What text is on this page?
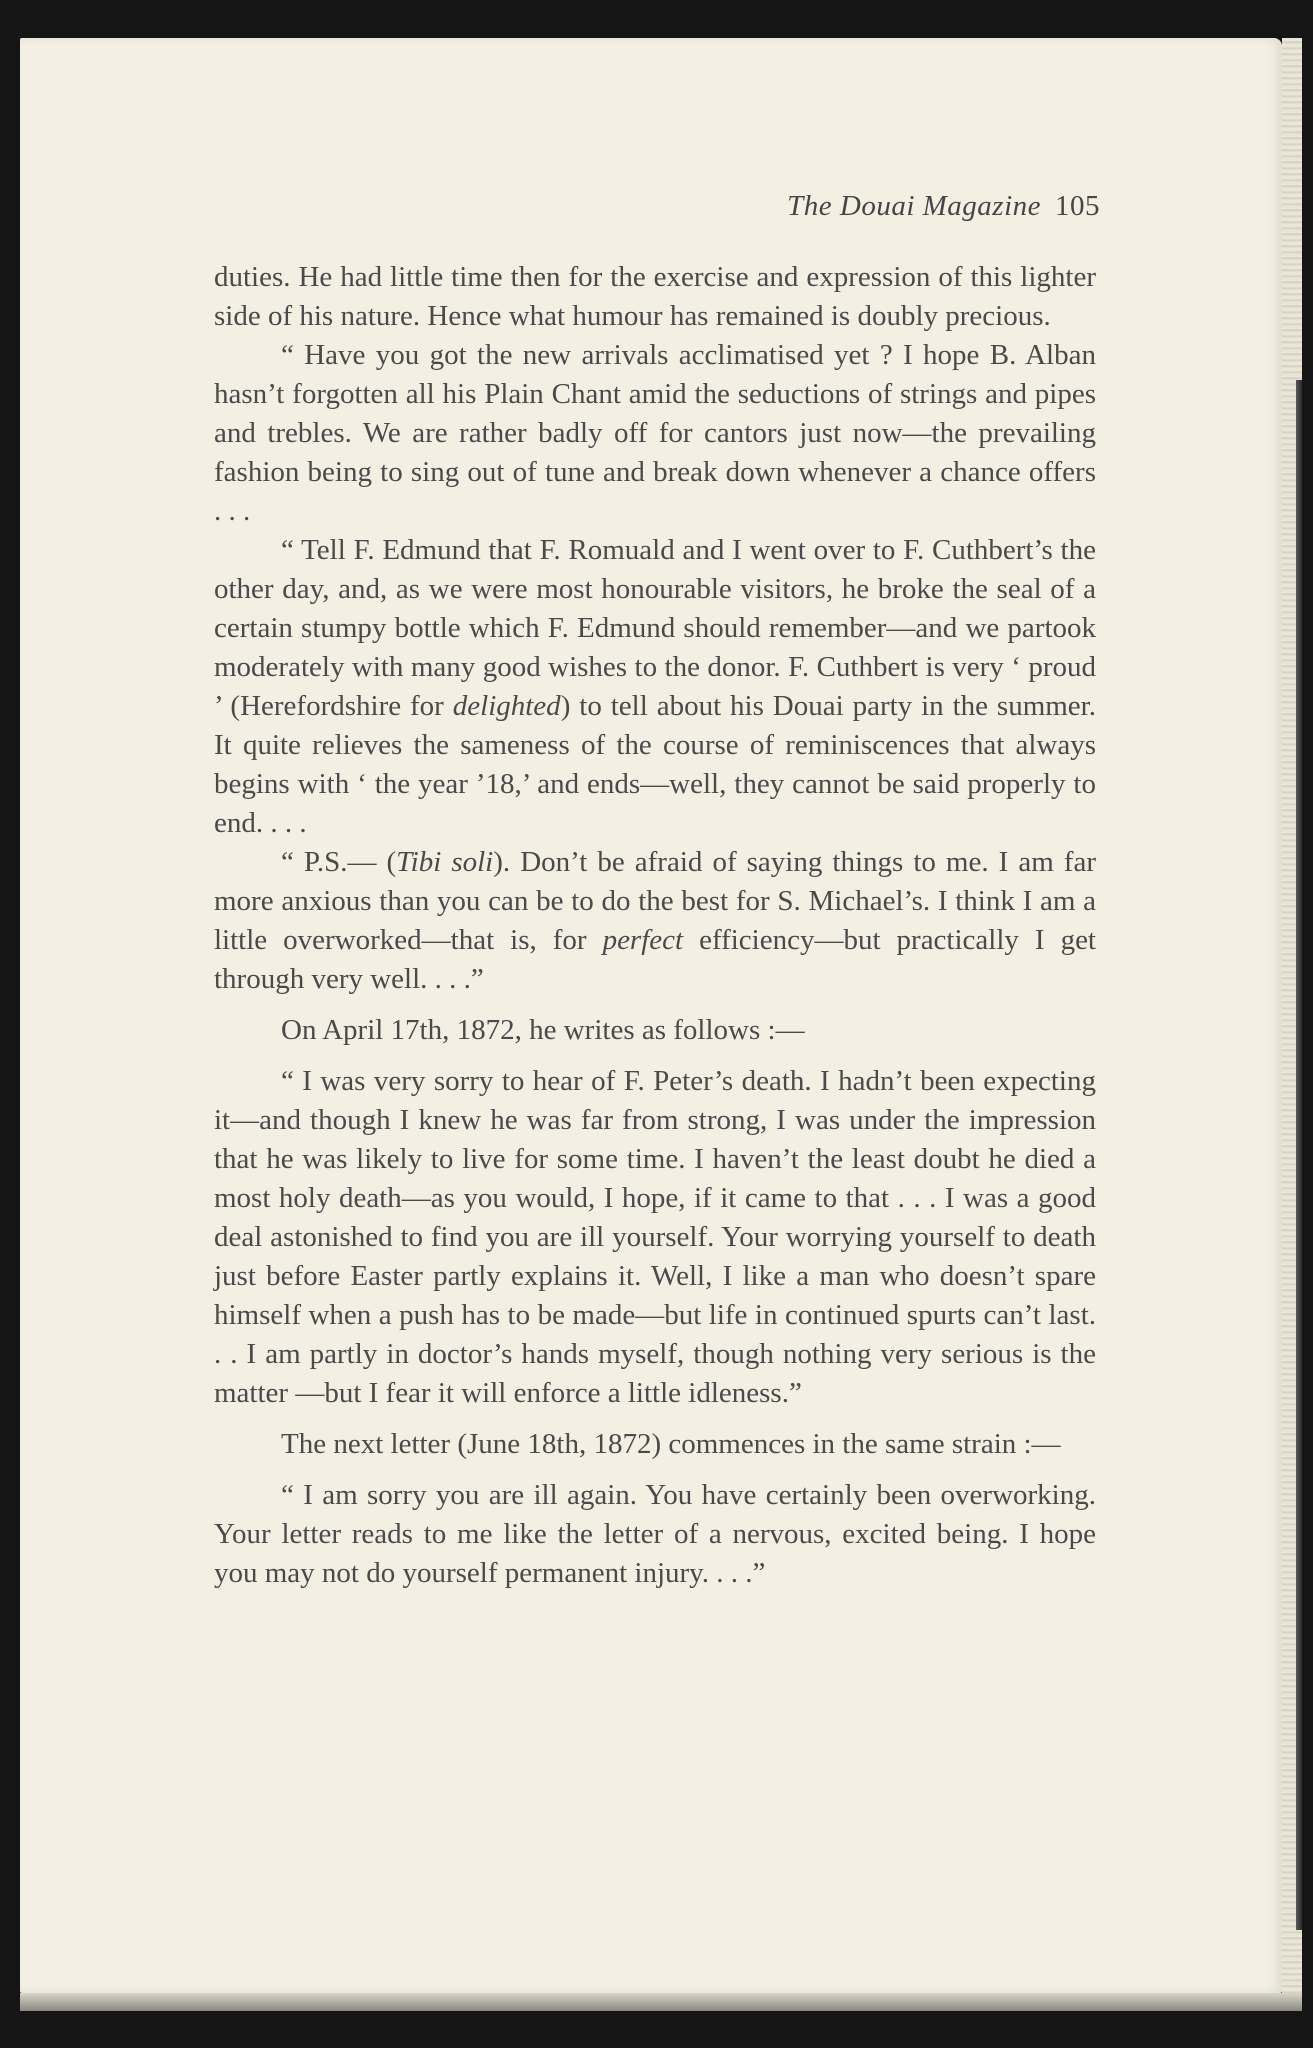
The Douai Magazine 105

duties. He had little time then for the exercise and expression of this lighter side of his nature. Hence what humour has remained is doubly precious.

“ Have you got the new arrivals acclimatised yet ? I hope B. Alban hasn’t forgotten all his Plain Chant amid the seductions of strings and pipes and trebles. We are rather badly off for cantors just now—the prevailing fashion being to sing out of tune and break down whenever a chance offers . . .

“ Tell F. Edmund that F. Romuald and I went over to F. Cuthbert’s the other day, and, as we were most honourable visitors, he broke the seal of a certain stumpy bottle which F. Edmund should remember—and we partook moderately with many good wishes to the donor. F. Cuthbert is very ‘ proud ’ (Herefordshire for delighted) to tell about his Douai party in the summer. It quite relieves the sameness of the course of reminiscences that always begins with ‘ the year ’18,’ and ends—well, they cannot be said properly to end. . . .

“ P.S.— (Tibi soli). Don’t be afraid of saying things to me. I am far more anxious than you can be to do the best for S. Michael’s. I think I am a little overworked—that is, for perfect efficiency—but practically I get through very well. . . .”

On April 17th, 1872, he writes as follows :—

“ I was very sorry to hear of F. Peter’s death. I hadn’t been expecting it—and though I knew he was far from strong, I was under the impression that he was likely to live for some time. I haven’t the least doubt he died a most holy death—as you would, I hope, if it came to that . . . I was a good deal astonished to find you are ill yourself. Your worrying yourself to death just before Easter partly explains it. Well, I like a man who doesn’t spare himself when a push has to be made—but life in continued spurts can’t last. . . I am partly in doctor’s hands myself, though nothing very serious is the matter —but I fear it will enforce a little idleness.”

The next letter (June 18th, 1872) commences in the same strain :—

“ I am sorry you are ill again. You have certainly been overworking. Your letter reads to me like the letter of a nervous, excited being. I hope you may not do yourself permanent injury. . . .”
